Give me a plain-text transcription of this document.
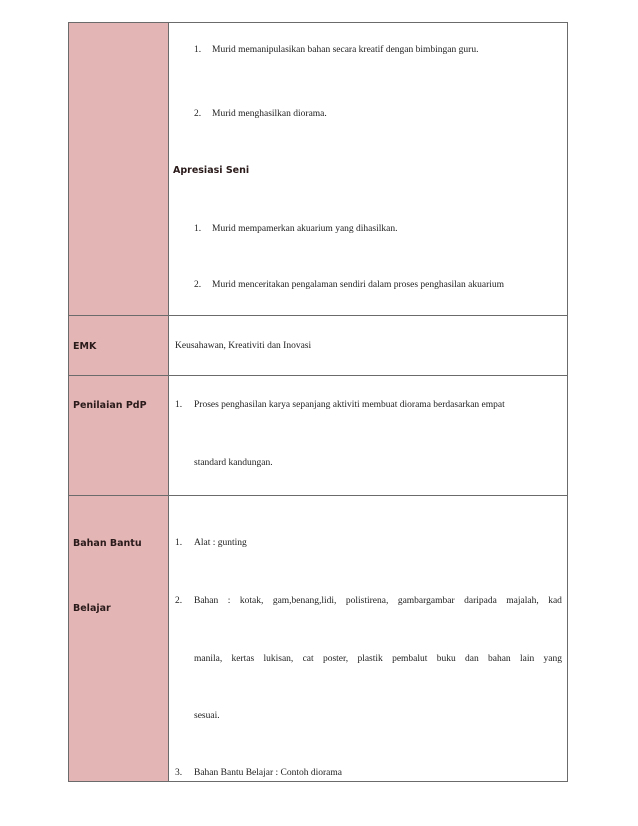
1. Murid memanipulasikan bahan secara kreatif dengan bimbingan guru.
2. Murid menghasilkan diorama.
Apresiasi Seni
1. Murid mempamerkan akuarium yang dihasilkan.
2. Murid menceritakan pengalaman sendiri dalam proses penghasilan akuarium
EMK	Keusahawan, Kreativiti dan Inovasi
Penilaian PdP	1. Proses penghasilan karya sepanjang aktiviti membuat diorama berdasarkan empat
standard kandungan.
Bahan Bantu
Belajar
1. Alat : gunting
2. Bahan : kotak, gam,benang,lidi, polistirena, gambargambar daripada majalah, kad
manila, kertas lukisan, cat poster, plastik pembalut buku dan bahan lain yang
sesuai.
3. Bahan Bantu Belajar : Contoh diorama
